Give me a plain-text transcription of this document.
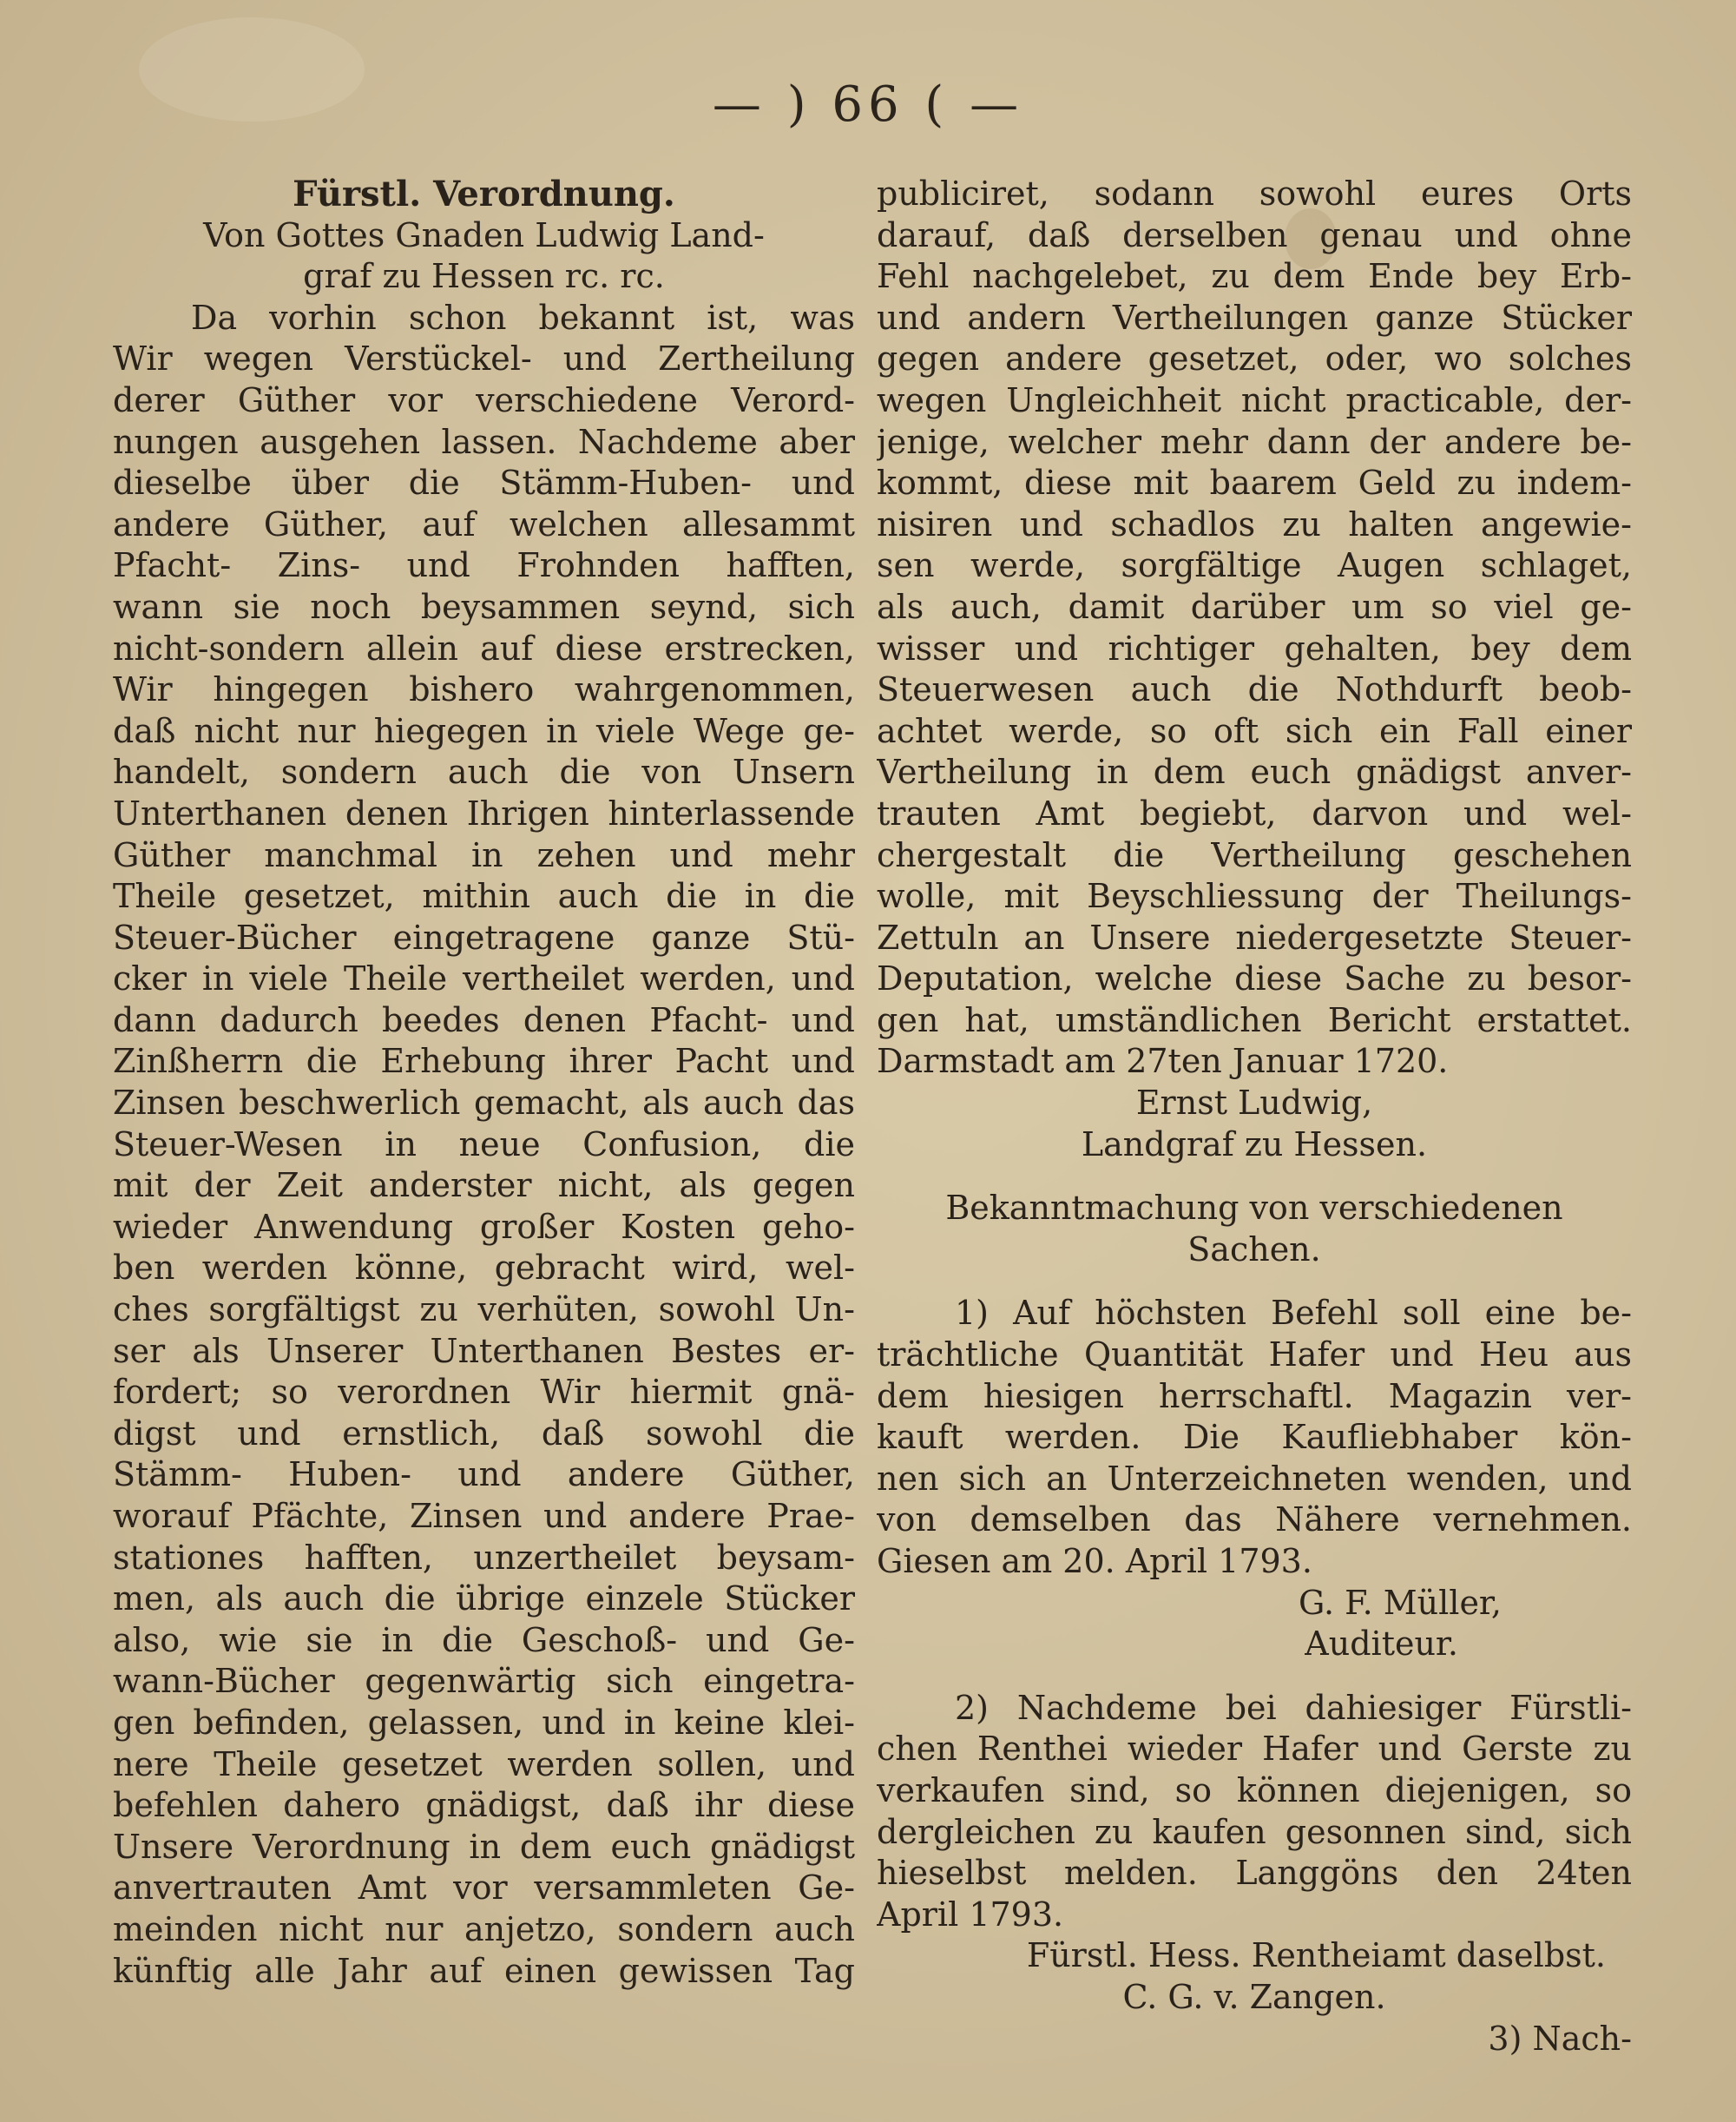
— ) 66 ( —
Fürstl. Verordnung.
Von Gottes Gnaden Ludwig Land-
graf zu Hessen rc. rc.
Da vorhin schon bekannt ist, was
Wir wegen Verstückel- und Zertheilung
derer Güther vor verschiedene Verord-
nungen ausgehen lassen. Nachdeme aber
dieselbe über die Stämm-Huben- und
andere Güther, auf welchen allesammt
Pfacht- Zins- und Frohnden hafften,
wann sie noch beysammen seynd, sich
nicht-sondern allein auf diese erstrecken,
Wir hingegen bishero wahrgenommen,
daß nicht nur hiegegen in viele Wege ge-
handelt, sondern auch die von Unsern
Unterthanen denen Ihrigen hinterlassende
Güther manchmal in zehen und mehr
Theile gesetzet, mithin auch die in die
Steuer-Bücher eingetragene ganze Stü-
cker in viele Theile vertheilet werden, und
dann dadurch beedes denen Pfacht- und
Zinßherrn die Erhebung ihrer Pacht und
Zinsen beschwerlich gemacht, als auch das
Steuer-Wesen in neue Confusion, die
mit der Zeit anderster nicht, als gegen
wieder Anwendung großer Kosten geho-
ben werden könne, gebracht wird, wel-
ches sorgfältigst zu verhüten, sowohl Un-
ser als Unserer Unterthanen Bestes er-
fordert; so verordnen Wir hiermit gnä-
digst und ernstlich, daß sowohl die
Stämm- Huben- und andere Güther,
worauf Pfächte, Zinsen und andere Prae-
stationes hafften, unzertheilet beysam-
men, als auch die übrige einzele Stücker
also, wie sie in die Geschoß- und Ge-
wann-Bücher gegenwärtig sich eingetra-
gen befinden, gelassen, und in keine klei-
nere Theile gesetzet werden sollen, und
befehlen dahero gnädigst, daß ihr diese
Unsere Verordnung in dem euch gnädigst
anvertrauten Amt vor versammleten Ge-
meinden nicht nur anjetzo, sondern auch
künftig alle Jahr auf einen gewissen Tag
publiciret, sodann sowohl eures Orts
darauf, daß derselben genau und ohne
Fehl nachgelebet, zu dem Ende bey Erb-
und andern Vertheilungen ganze Stücker
gegen andere gesetzet, oder, wo solches
wegen Ungleichheit nicht practicable, der-
jenige, welcher mehr dann der andere be-
kommt, diese mit baarem Geld zu indem-
nisiren und schadlos zu halten angewie-
sen werde, sorgfältige Augen schlaget,
als auch, damit darüber um so viel ge-
wisser und richtiger gehalten, bey dem
Steuerwesen auch die Nothdurft beob-
achtet werde, so oft sich ein Fall einer
Vertheilung in dem euch gnädigst anver-
trauten Amt begiebt, darvon und wel-
chergestalt die Vertheilung geschehen
wolle, mit Beyschliessung der Theilungs-
Zettuln an Unsere niedergesetzte Steuer-
Deputation, welche diese Sache zu besor-
gen hat, umständlichen Bericht erstattet.
Darmstadt am 27ten Januar 1720.
Ernst Ludwig,
Landgraf zu Hessen.
Bekanntmachung von verschiedenen
Sachen.
1) Auf höchsten Befehl soll eine be-
trächtliche Quantität Hafer und Heu aus
dem hiesigen herrschaftl. Magazin ver-
kauft werden. Die Kaufliebhaber kön-
nen sich an Unterzeichneten wenden, und
von demselben das Nähere vernehmen.
Giesen am 20. April 1793.
G. F. Müller,
Auditeur.
2) Nachdeme bei dahiesiger Fürstli-
chen Renthei wieder Hafer und Gerste zu
verkaufen sind, so können diejenigen, so
dergleichen zu kaufen gesonnen sind, sich
hieselbst melden. Langgöns den 24ten
April 1793.
Fürstl. Hess. Rentheiamt daselbst.
C. G. v. Zangen.
3) Nach-
